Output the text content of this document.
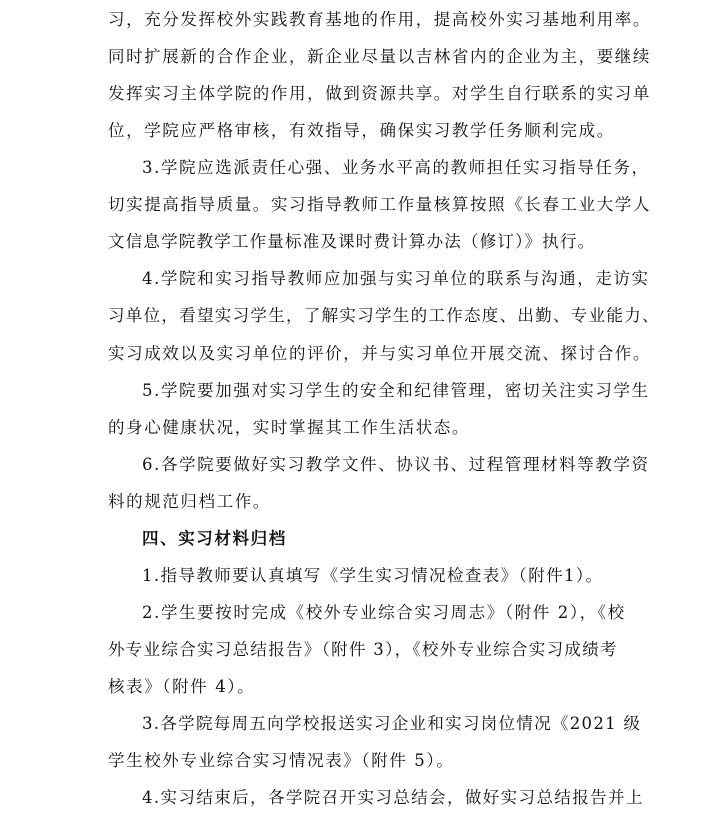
习，充分发挥校外实践教育基地的作用，提高校外实习基地利用率。
同时扩展新的合作企业，新企业尽量以吉林省内的企业为主，要继续
发挥实习主体学院的作用，做到资源共享。对学生自行联系的实习单
位，学院应严格审核，有效指导，确保实习教学任务顺利完成。
3.学院应选派责任心强、业务水平高的教师担任实习指导任务，
切实提高指导质量。实习指导教师工作量核算按照《长春工业大学人
文信息学院教学工作量标准及课时费计算办法（修订）》执行。
4.学院和实习指导教师应加强与实习单位的联系与沟通，走访实
习单位，看望实习学生，了解实习学生的工作态度、出勤、专业能力、
实习成效以及实习单位的评价，并与实习单位开展交流、探讨合作。
5.学院要加强对实习学生的安全和纪律管理，密切关注实习学生
的身心健康状况，实时掌握其工作生活状态。
6.各学院要做好实习教学文件、协议书、过程管理材料等教学资
料的规范归档工作。
四、实习材料归档
1.指导教师要认真填写《学生实习情况检查表》（附件1）。
2.学生要按时完成《校外专业综合实习周志》（附件 2），《校
外专业综合实习总结报告》（附件 3），《校外专业综合实习成绩考
核表》（附件 4）。
3.各学院每周五向学校报送实习企业和实习岗位情况《2021 级
学生校外专业综合实习情况表》（附件 5）。
4.实习结束后，各学院召开实习总结会，做好实习总结报告并上
